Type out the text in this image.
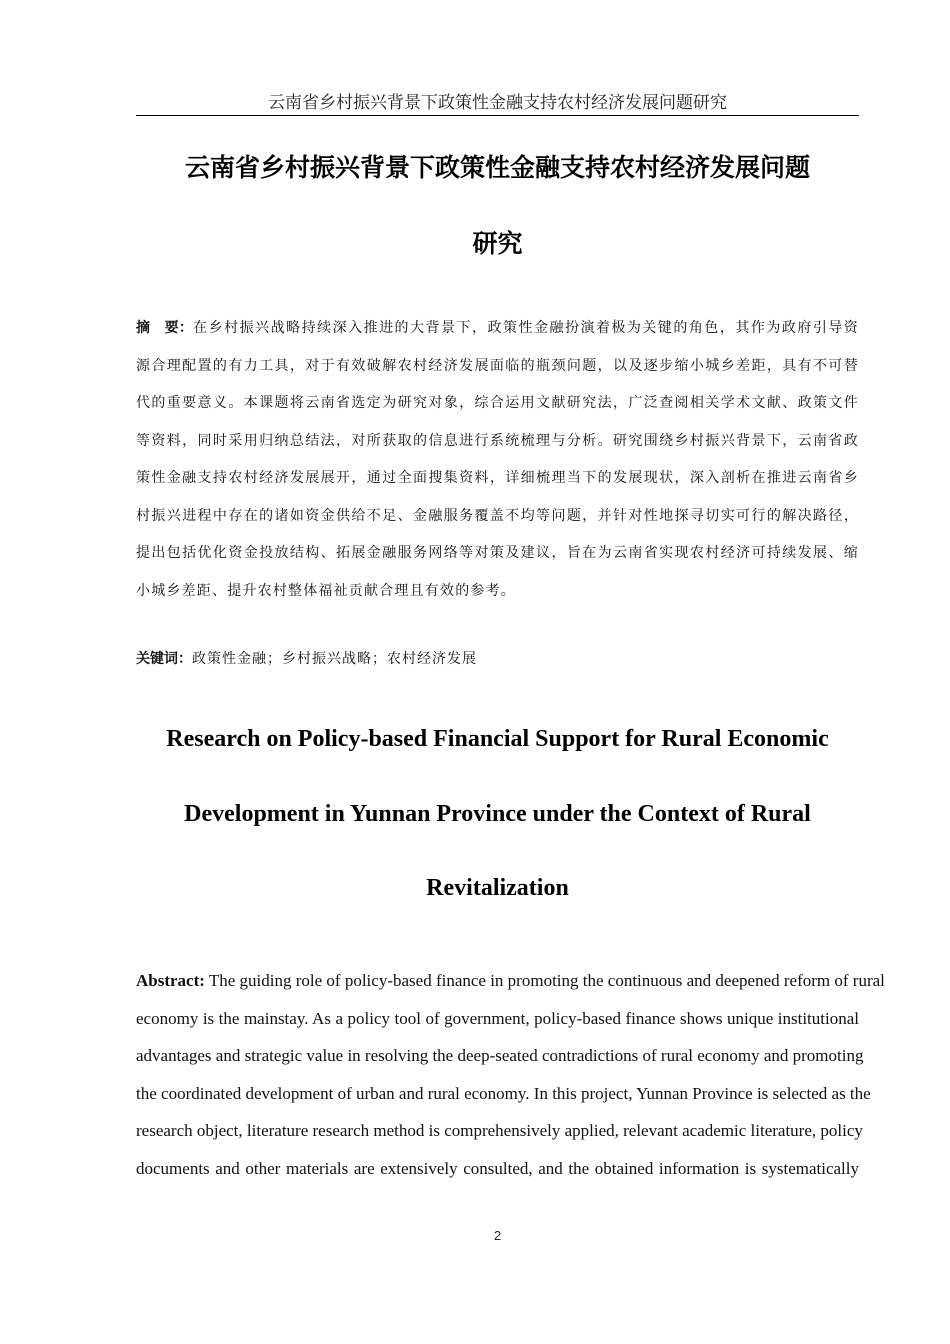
云南省乡村振兴背景下政策性金融支持农村经济发展问题研究
云南省乡村振兴背景下政策性金融支持农村经济发展问题
研究
摘　要：在乡村振兴战略持续深入推进的大背景下，政策性金融扮演着极为关键的角色，其作为政府引导资源合理配置的有力工具，对于有效破解农村经济发展面临的瓶颈问题，以及逐步缩小城乡差距，具有不可替代的重要意义。本课题将云南省选定为研究对象，综合运用文献研究法，广泛查阅相关学术文献、政策文件等资料，同时采用归纳总结法，对所获取的信息进行系统梳理与分析。研究围绕乡村振兴背景下，云南省政策性金融支持农村经济发展展开，通过全面搜集资料，详细梳理当下的发展现状，深入剖析在推进云南省乡村振兴进程中存在的诸如资金供给不足、金融服务覆盖不均等问题，并针对性地探寻切实可行的解决路径，提出包括优化资金投放结构、拓展金融服务网络等对策及建议，旨在为云南省实现农村经济可持续发展、缩小城乡差距、提升农村整体福祉贡献合理且有效的参考。
关键词：政策性金融；乡村振兴战略；农村经济发展
Research on Policy-based Financial Support for Rural Economic
Development in Yunnan Province under the Context of Rural
Revitalization
Abstract: The guiding role of policy-based finance in promoting the continuous and deepened reform of rural
economy is the mainstay. As a policy tool of government, policy-based finance shows unique institutional
advantages and strategic value in resolving the deep-seated contradictions of rural economy and promoting
the coordinated development of urban and rural economy. In this project, Yunnan Province is selected as the
research object, literature research method is comprehensively applied, relevant academic literature, policy
documents and other materials are extensively consulted, and the obtained information is systematically
2
